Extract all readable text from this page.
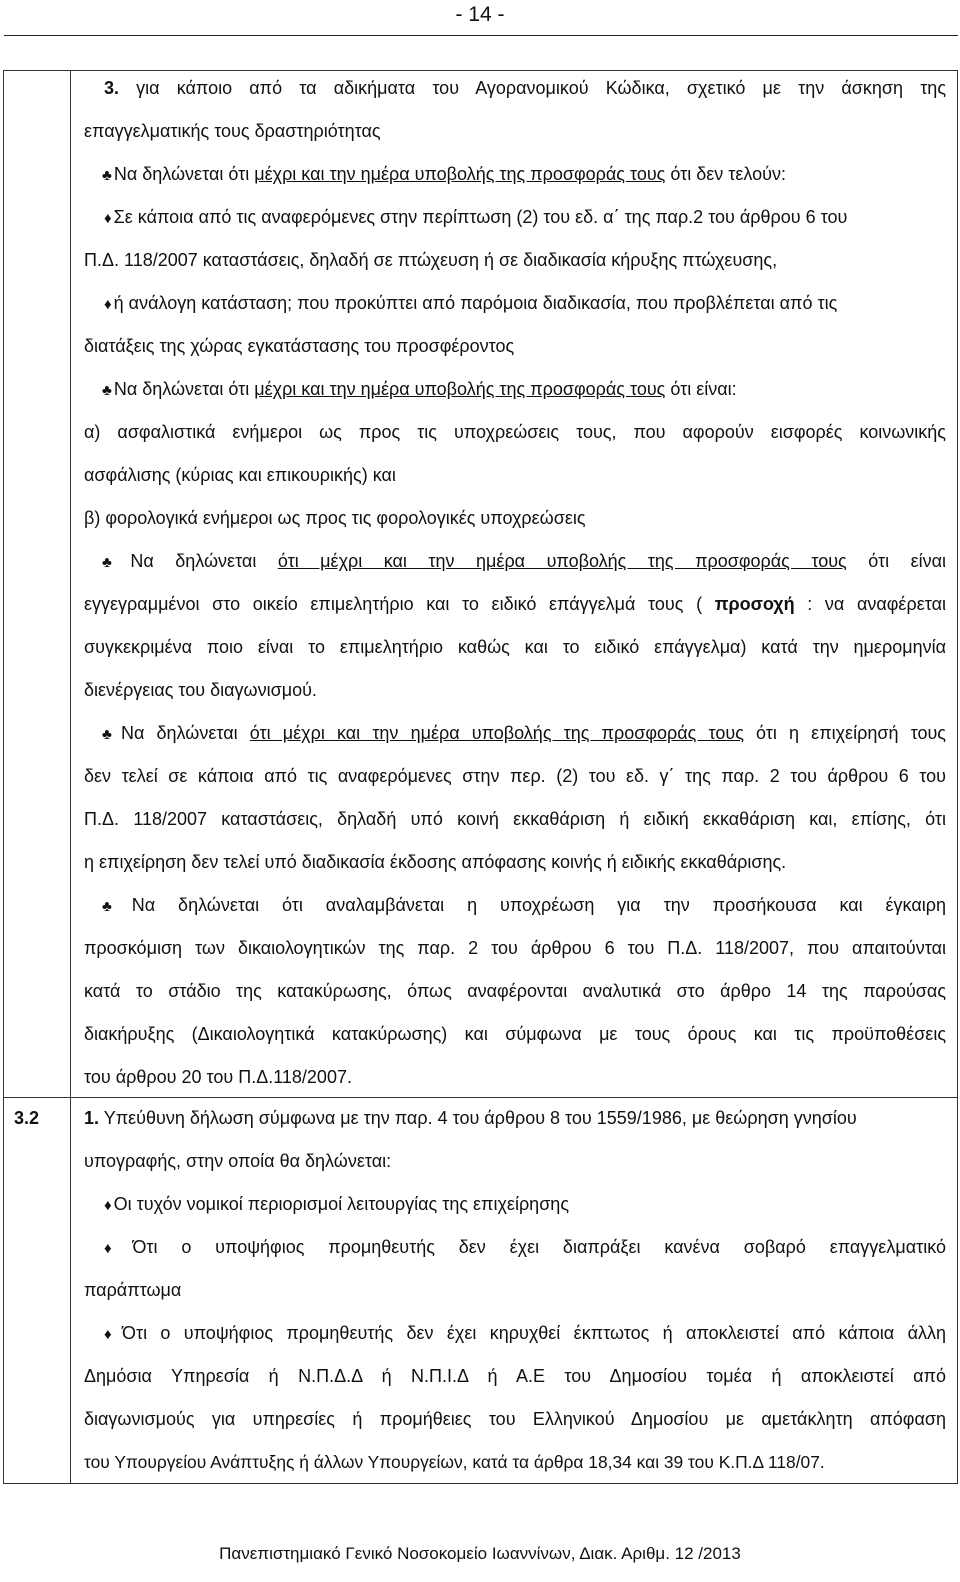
- 14 -
3.2
3. για κάποιο από τα αδικήματα του Αγορανομικού Κώδικα, σχετικό με την άσκηση της
επαγγελματικής τους δραστηριότητας
♣ Να δηλώνεται ότι μέχρι και την ημέρα υποβολής της προσφοράς τους ότι δεν τελούν:
♦ Σε κάποια από τις αναφερόμενες στην περίπτωση (2) του εδ. α΄ της παρ.2 του άρθρου 6 του
Π.Δ. 118/2007 καταστάσεις, δηλαδή σε πτώχευση ή σε διαδικασία κήρυξης πτώχευσης,
♦ ή ανάλογη κατάσταση; που προκύπτει από παρόμοια διαδικασία, που προβλέπεται από τις
διατάξεις της χώρας εγκατάστασης του προσφέροντος
♣ Να δηλώνεται ότι μέχρι και την ημέρα υποβολής της προσφοράς τους ότι είναι:
α) ασφαλιστικά ενήμεροι ως προς τις υποχρεώσεις τους, που αφορούν εισφορές κοινωνικής
ασφάλισης (κύριας και επικουρικής) και
β) φορολογικά ενήμεροι ως προς τις φορολογικές υποχρεώσεις
♣ Να δηλώνεται ότι μέχρι και την ημέρα υποβολής της προσφοράς τους ότι είναι
εγγεγραμμένοι στο οικείο επιμελητήριο και το ειδικό επάγγελμά τους ( προσοχή : να αναφέρεται
συγκεκριμένα ποιο είναι το επιμελητήριο καθώς και το ειδικό επάγγελμα) κατά την ημερομηνία
διενέργειας του διαγωνισμού.
♣ Να δηλώνεται ότι μέχρι και την ημέρα υποβολής της προσφοράς τους ότι η επιχείρησή τους
δεν τελεί σε κάποια από τις αναφερόμενες στην περ. (2) του εδ. γ΄ της παρ. 2 του άρθρου 6 του
Π.Δ. 118/2007 καταστάσεις, δηλαδή υπό κοινή εκκαθάριση ή ειδική εκκαθάριση και, επίσης, ότι
η επιχείρηση δεν τελεί υπό διαδικασία έκδοσης απόφασης κοινής ή ειδικής εκκαθάρισης.
♣ Να δηλώνεται ότι αναλαμβάνεται η υποχρέωση για την προσήκουσα και έγκαιρη
προσκόμιση των δικαιολογητικών της παρ. 2 του άρθρου 6 του Π.Δ. 118/2007, που απαιτούνται
κατά το στάδιο της κατακύρωσης, όπως αναφέρονται αναλυτικά στο άρθρο 14 της παρούσας
διακήρυξης (Δικαιολογητικά κατακύρωσης) και σύμφωνα με τους όρους και τις προϋποθέσεις
του άρθρου 20 του Π.Δ.118/2007.
1. Υπεύθυνη δήλωση σύμφωνα με την παρ. 4 του άρθρου 8 του 1559/1986, με θεώρηση γνησίου
υπογραφής, στην οποία θα δηλώνεται:
♦ Οι τυχόν νομικοί περιορισμοί λειτουργίας της επιχείρησης
♦ Ότι ο υποψήφιος προμηθευτής δεν έχει διαπράξει κανένα σοβαρό επαγγελματικό
παράπτωμα
♦ Ότι ο υποψήφιος προμηθευτής δεν έχει κηρυχθεί έκπτωτος ή αποκλειστεί από κάποια άλλη
Δημόσια Υπηρεσία ή Ν.Π.Δ.Δ ή Ν.Π.Ι.Δ ή Α.Ε του Δημοσίου τομέα ή αποκλειστεί από
διαγωνισμούς για υπηρεσίες ή προμήθειες του Ελληνικού Δημοσίου με αμετάκλητη απόφαση
του Υπουργείου Ανάπτυξης ή άλλων Υπουργείων, κατά τα άρθρα 18,34 και 39 του Κ.Π.Δ 118/07.
Πανεπιστημιακό Γενικό Νοσοκομείο Ιωαννίνων, Διακ. Αριθμ. 12 /2013
